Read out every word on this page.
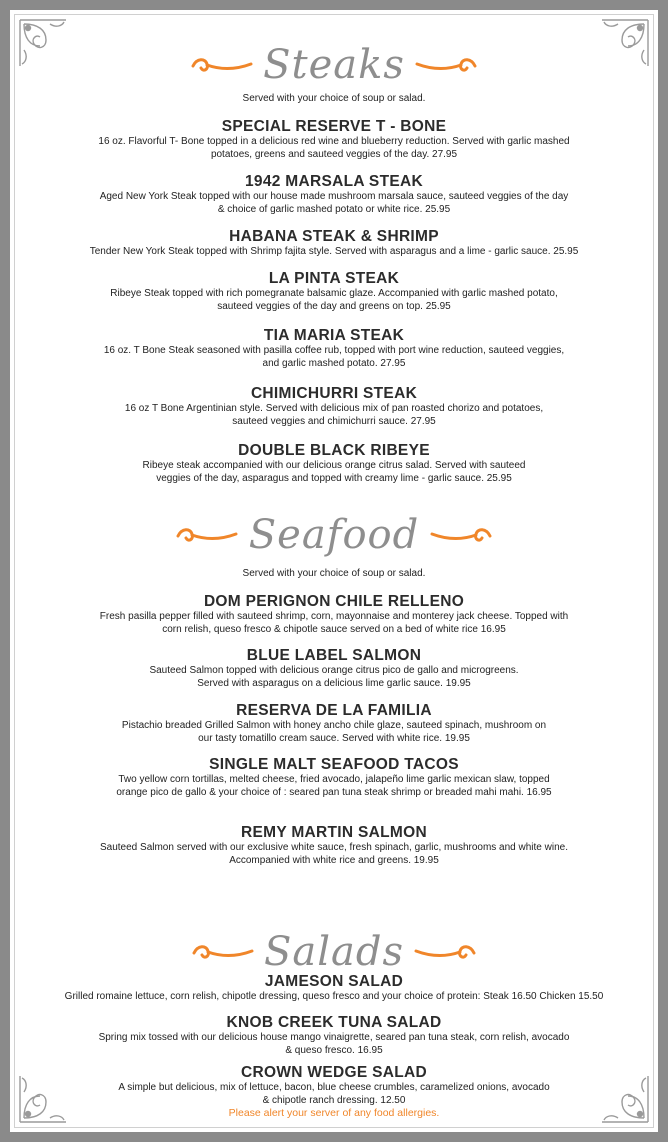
Steaks
Served with your choice of soup or salad.
SPECIAL RESERVE T - BONE
16 oz. Flavorful T- Bone topped in a delicious red wine and blueberry reduction. Served with garlic mashed
potatoes, greens and sauteed veggies of the day. 27.95
1942 MARSALA STEAK
Aged New York Steak topped with our house made mushroom marsala sauce, sauteed veggies of the day
& choice of garlic mashed potato or white rice. 25.95
HABANA STEAK & SHRIMP
Tender New York Steak topped with Shrimp fajita style. Served with asparagus and a lime - garlic sauce. 25.95
LA PINTA STEAK
Ribeye Steak topped with rich pomegranate balsamic glaze. Accompanied with garlic mashed potato,
sauteed veggies of the day and greens on top. 25.95
TIA MARIA STEAK
16 oz. T Bone Steak seasoned with pasilla coffee rub, topped with port wine reduction, sauteed veggies,
and garlic mashed potato. 27.95
CHIMICHURRI STEAK
16 oz T Bone Argentinian style. Served with delicious mix of pan roasted chorizo and potatoes,
sauteed veggies and chimichurri sauce. 27.95
DOUBLE BLACK RIBEYE
Ribeye steak accompanied with our delicious orange citrus salad. Served with sauteed
veggies of the day, asparagus and topped with creamy lime - garlic sauce. 25.95
Seafood
Served with your choice of soup or salad.
DOM PERIGNON CHILE RELLENO
Fresh pasilla pepper filled with sauteed shrimp, corn, mayonnaise and monterey jack cheese. Topped with
corn relish, queso fresco & chipotle sauce served on a bed of white rice 16.95
BLUE LABEL SALMON
Sauteed Salmon topped with delicious orange citrus pico de gallo and microgreens.
Served with asparagus on a delicious lime garlic sauce. 19.95
RESERVA DE LA FAMILIA
Pistachio breaded Grilled Salmon with honey ancho chile glaze, sauteed spinach, mushroom on
our tasty tomatillo cream sauce. Served with white rice. 19.95
SINGLE MALT SEAFOOD TACOS
Two yellow corn tortillas, melted cheese, fried avocado, jalapeño lime garlic mexican slaw, topped
orange pico de gallo & your choice of : seared pan tuna steak shrimp or breaded mahi mahi. 16.95
REMY MARTIN SALMON
Sauteed Salmon served with our exclusive white sauce, fresh spinach, garlic, mushrooms and white wine.
Accompanied with white rice and greens. 19.95
Salads
JAMESON SALAD
Grilled romaine lettuce, corn relish, chipotle dressing, queso fresco and your choice of protein: Steak 16.50 Chicken 15.50
KNOB CREEK TUNA SALAD
Spring mix tossed with our delicious house mango vinaigrette, seared pan tuna steak, corn relish, avocado
& queso fresco. 16.95
CROWN WEDGE SALAD
A simple but delicious, mix of lettuce, bacon, blue cheese crumbles, caramelized onions, avocado
& chipotle ranch dressing. 12.50
Please alert your server of any food allergies.
